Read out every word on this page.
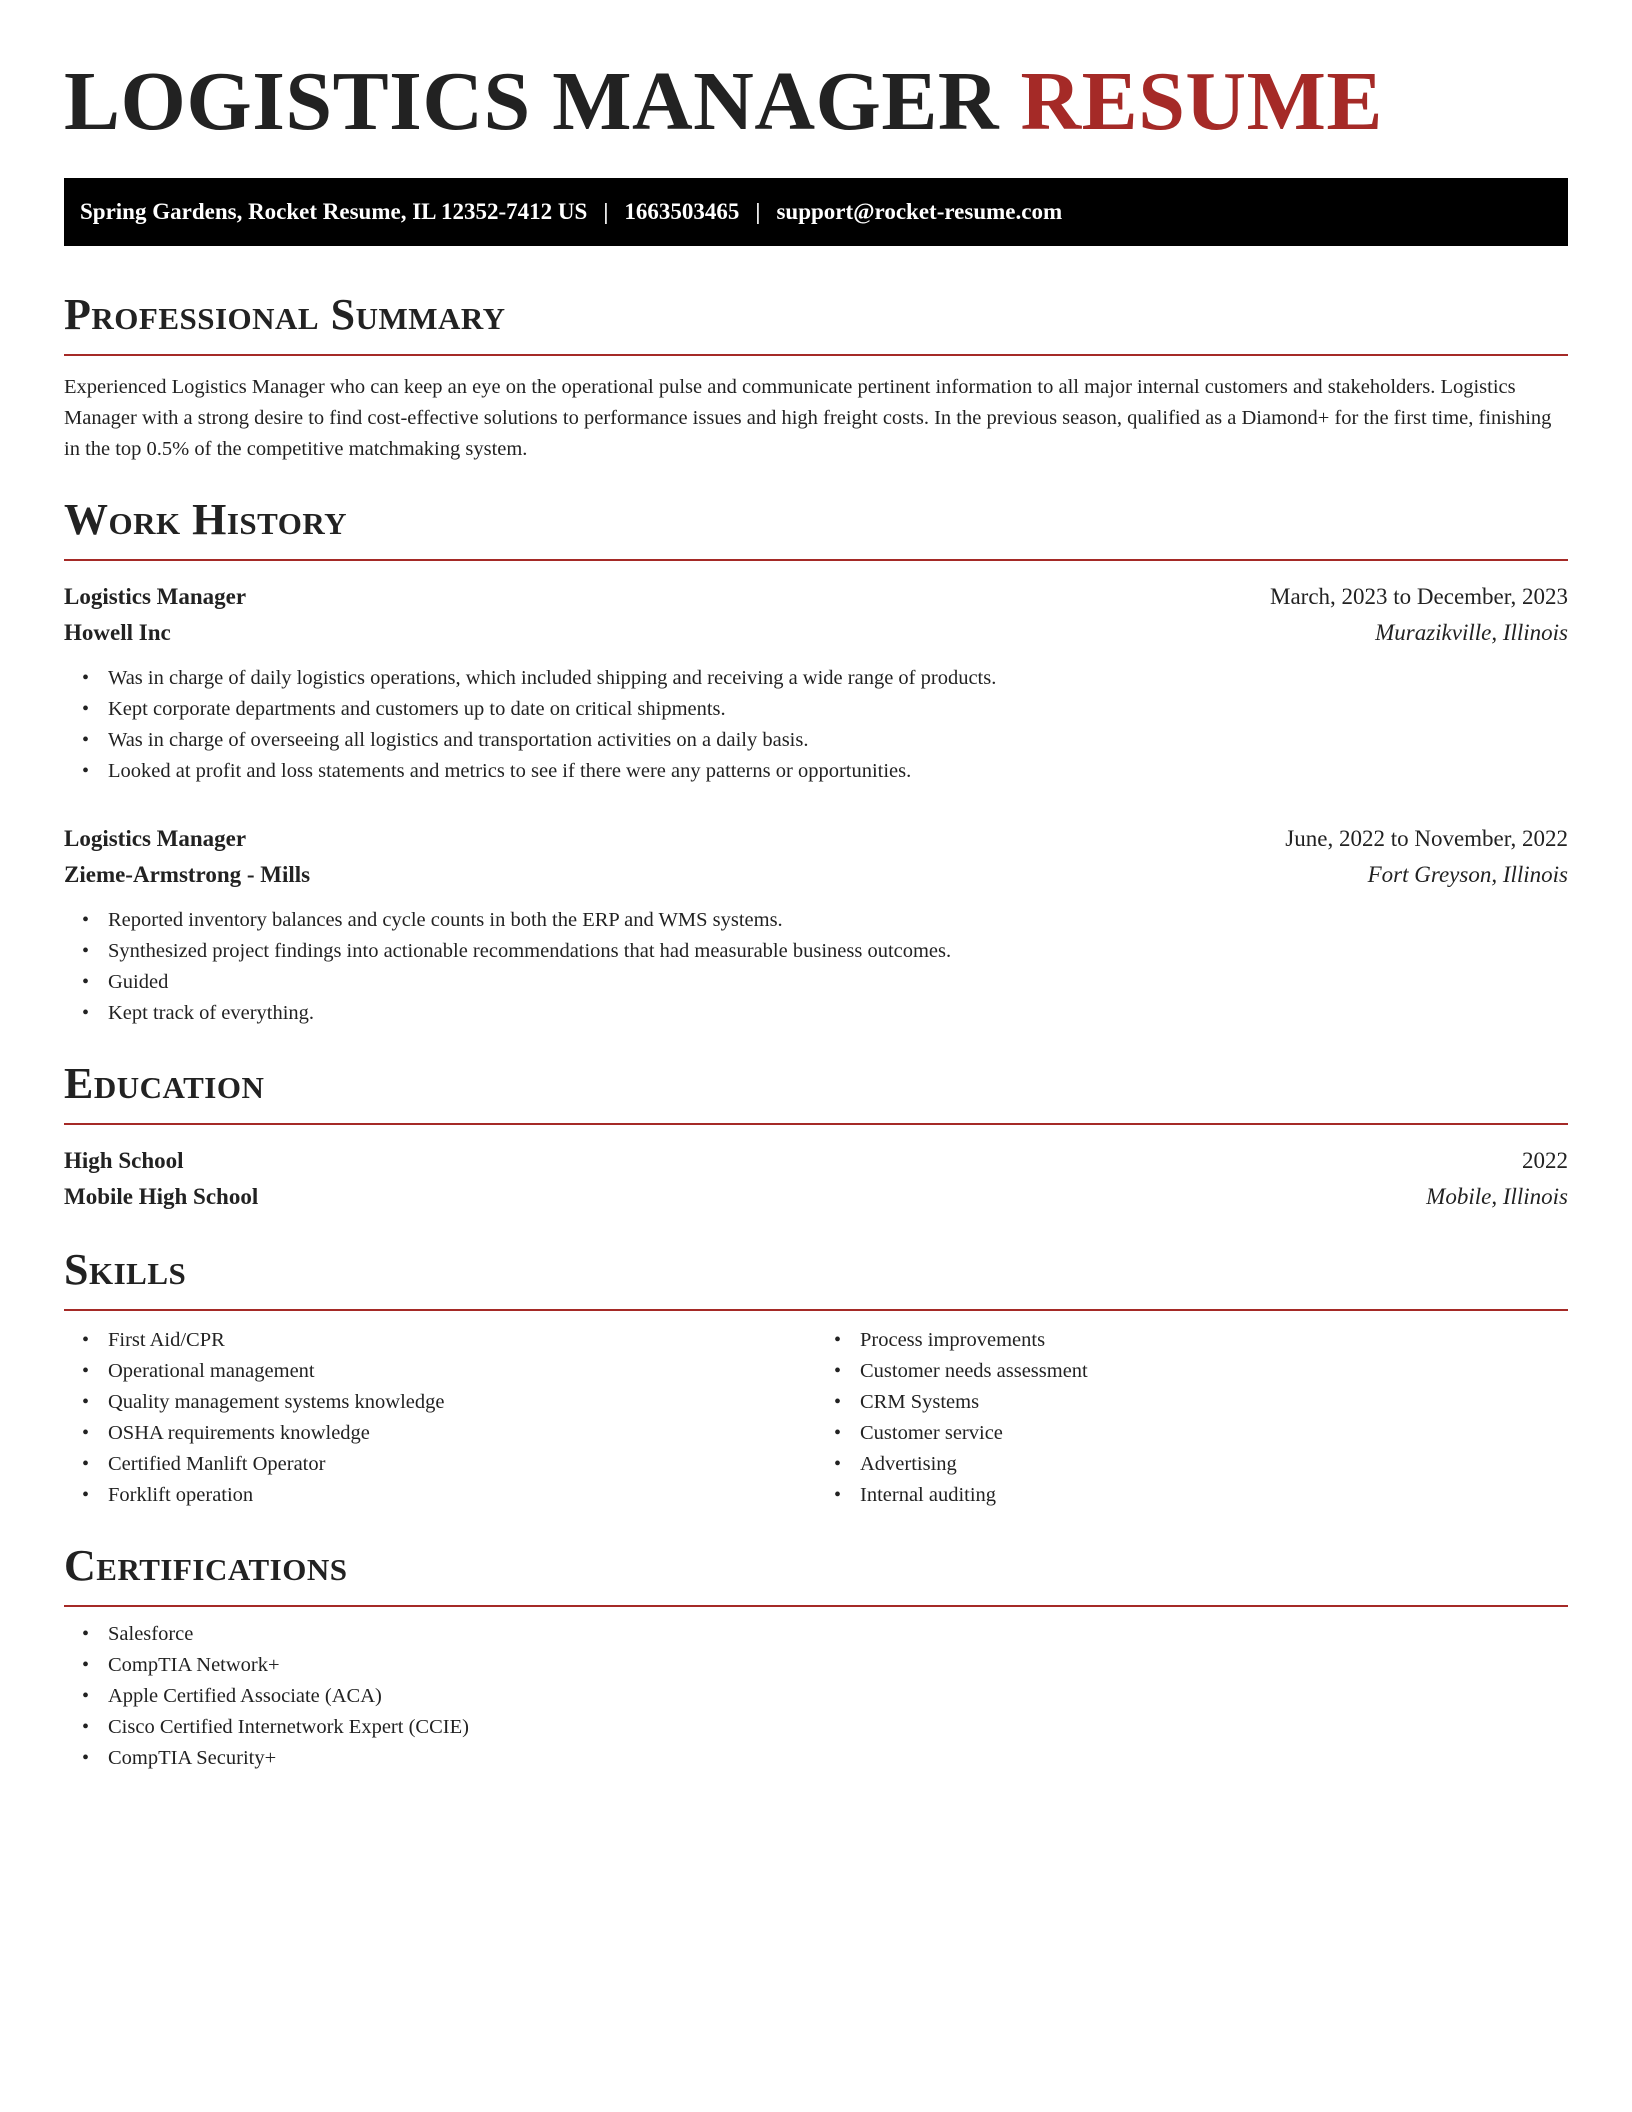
LOGISTICS MANAGER RESUME
Spring Gardens, Rocket Resume, IL 12352-7412 US | 1663503465 | support@rocket-resume.com
Professional Summary

Experienced Logistics Manager who can keep an eye on the operational pulse and communicate pertinent information to all major internal customers and stakeholders. Logistics Manager with a strong desire to find cost-effective solutions to performance issues and high freight costs. In the previous season, qualified as a Diamond+ for the first time, finishing in the top 0.5% of the competitive matchmaking system.

Work History
Logistics Manager	March, 2023 to December, 2023
Howell Inc	Murazikville, Illinois
• Was in charge of daily logistics operations, which included shipping and receiving a wide range of products.
• Kept corporate departments and customers up to date on critical shipments.
• Was in charge of overseeing all logistics and transportation activities on a daily basis.
• Looked at profit and loss statements and metrics to see if there were any patterns or opportunities.
Logistics Manager	June, 2022 to November, 2022
Zieme-Armstrong - Mills	Fort Greyson, Illinois
• Reported inventory balances and cycle counts in both the ERP and WMS systems.
• Synthesized project findings into actionable recommendations that had measurable business outcomes.
• Guided
• Kept track of everything.
Education
High School	2022
Mobile High School	Mobile, Illinois
Skills
• First Aid/CPR
• Operational management
• Quality management systems knowledge
• OSHA requirements knowledge
• Certified Manlift Operator
• Forklift operation
• Process improvements
• Customer needs assessment
• CRM Systems
• Customer service
• Advertising
• Internal auditing
Certifications
• Salesforce
• CompTIA Network+
• Apple Certified Associate (ACA)
• Cisco Certified Internetwork Expert (CCIE)
• CompTIA Security+
